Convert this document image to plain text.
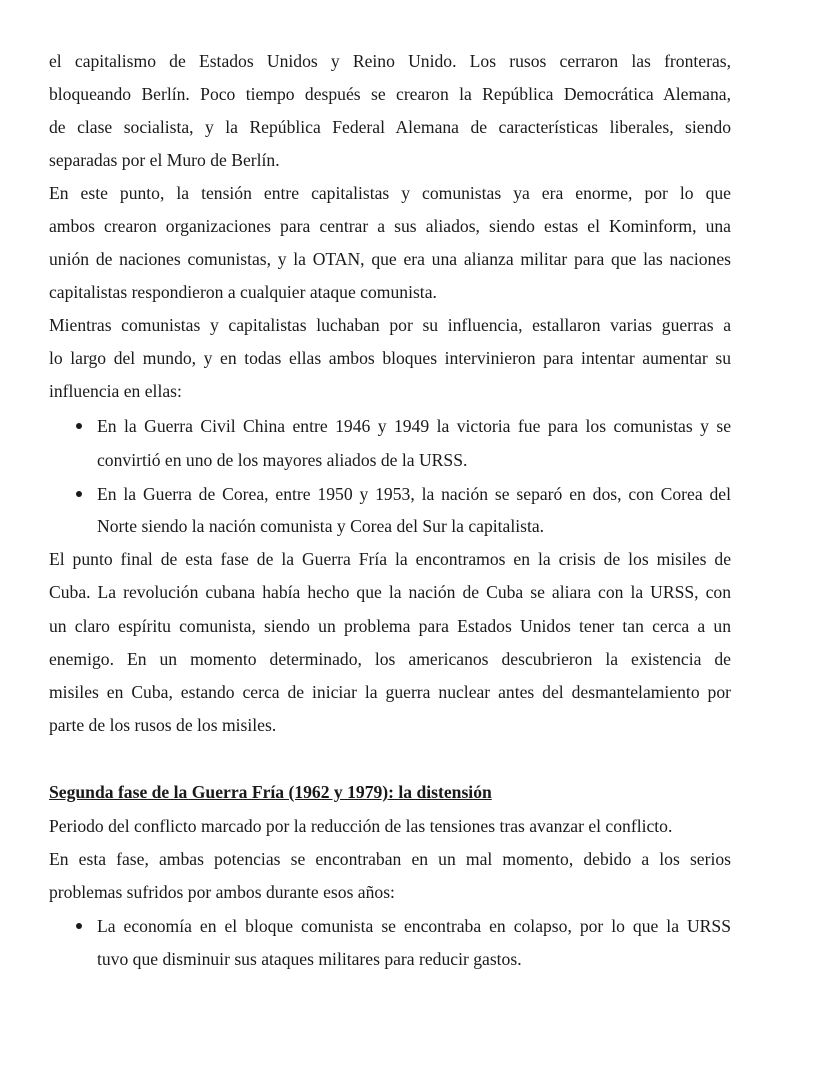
el capitalismo de Estados Unidos y Reino Unido. Los rusos cerraron las fronteras,
bloqueando Berlín. Poco tiempo después se crearon la República Democrática Alemana,
de clase socialista, y la República Federal Alemana de características liberales, siendo
separadas por el Muro de Berlín.
En este punto, la tensión entre capitalistas y comunistas ya era enorme, por lo que
ambos crearon organizaciones para centrar a sus aliados, siendo estas el Kominform, una
unión de naciones comunistas, y la OTAN, que era una alianza militar para que las naciones
capitalistas respondieron a cualquier ataque comunista.
Mientras comunistas y capitalistas luchaban por su influencia, estallaron varias guerras a
lo largo del mundo, y en todas ellas ambos bloques intervinieron para intentar aumentar su
influencia en ellas:
En la Guerra Civil China entre 1946 y 1949 la victoria fue para los comunistas y se
convirtió en uno de los mayores aliados de la URSS.
En la Guerra de Corea, entre 1950 y 1953, la nación se separó en dos, con Corea del
Norte siendo la nación comunista y Corea del Sur la capitalista.
El punto final de esta fase de la Guerra Fría la encontramos en la crisis de los misiles de
Cuba. La revolución cubana había hecho que la nación de Cuba se aliara con la URSS, con
un claro espíritu comunista, siendo un problema para Estados Unidos tener tan cerca a un
enemigo. En un momento determinado, los americanos descubrieron la existencia de
misiles en Cuba, estando cerca de iniciar la guerra nuclear antes del desmantelamiento por
parte de los rusos de los misiles.
Segunda fase de la Guerra Fría (1962 y 1979): la distensión
Periodo del conflicto marcado por la reducción de las tensiones tras avanzar el conflicto.
En esta fase, ambas potencias se encontraban en un mal momento, debido a los serios
problemas sufridos por ambos durante esos años:
La economía en el bloque comunista se encontraba en colapso, por lo que la URSS
tuvo que disminuir sus ataques militares para reducir gastos.
